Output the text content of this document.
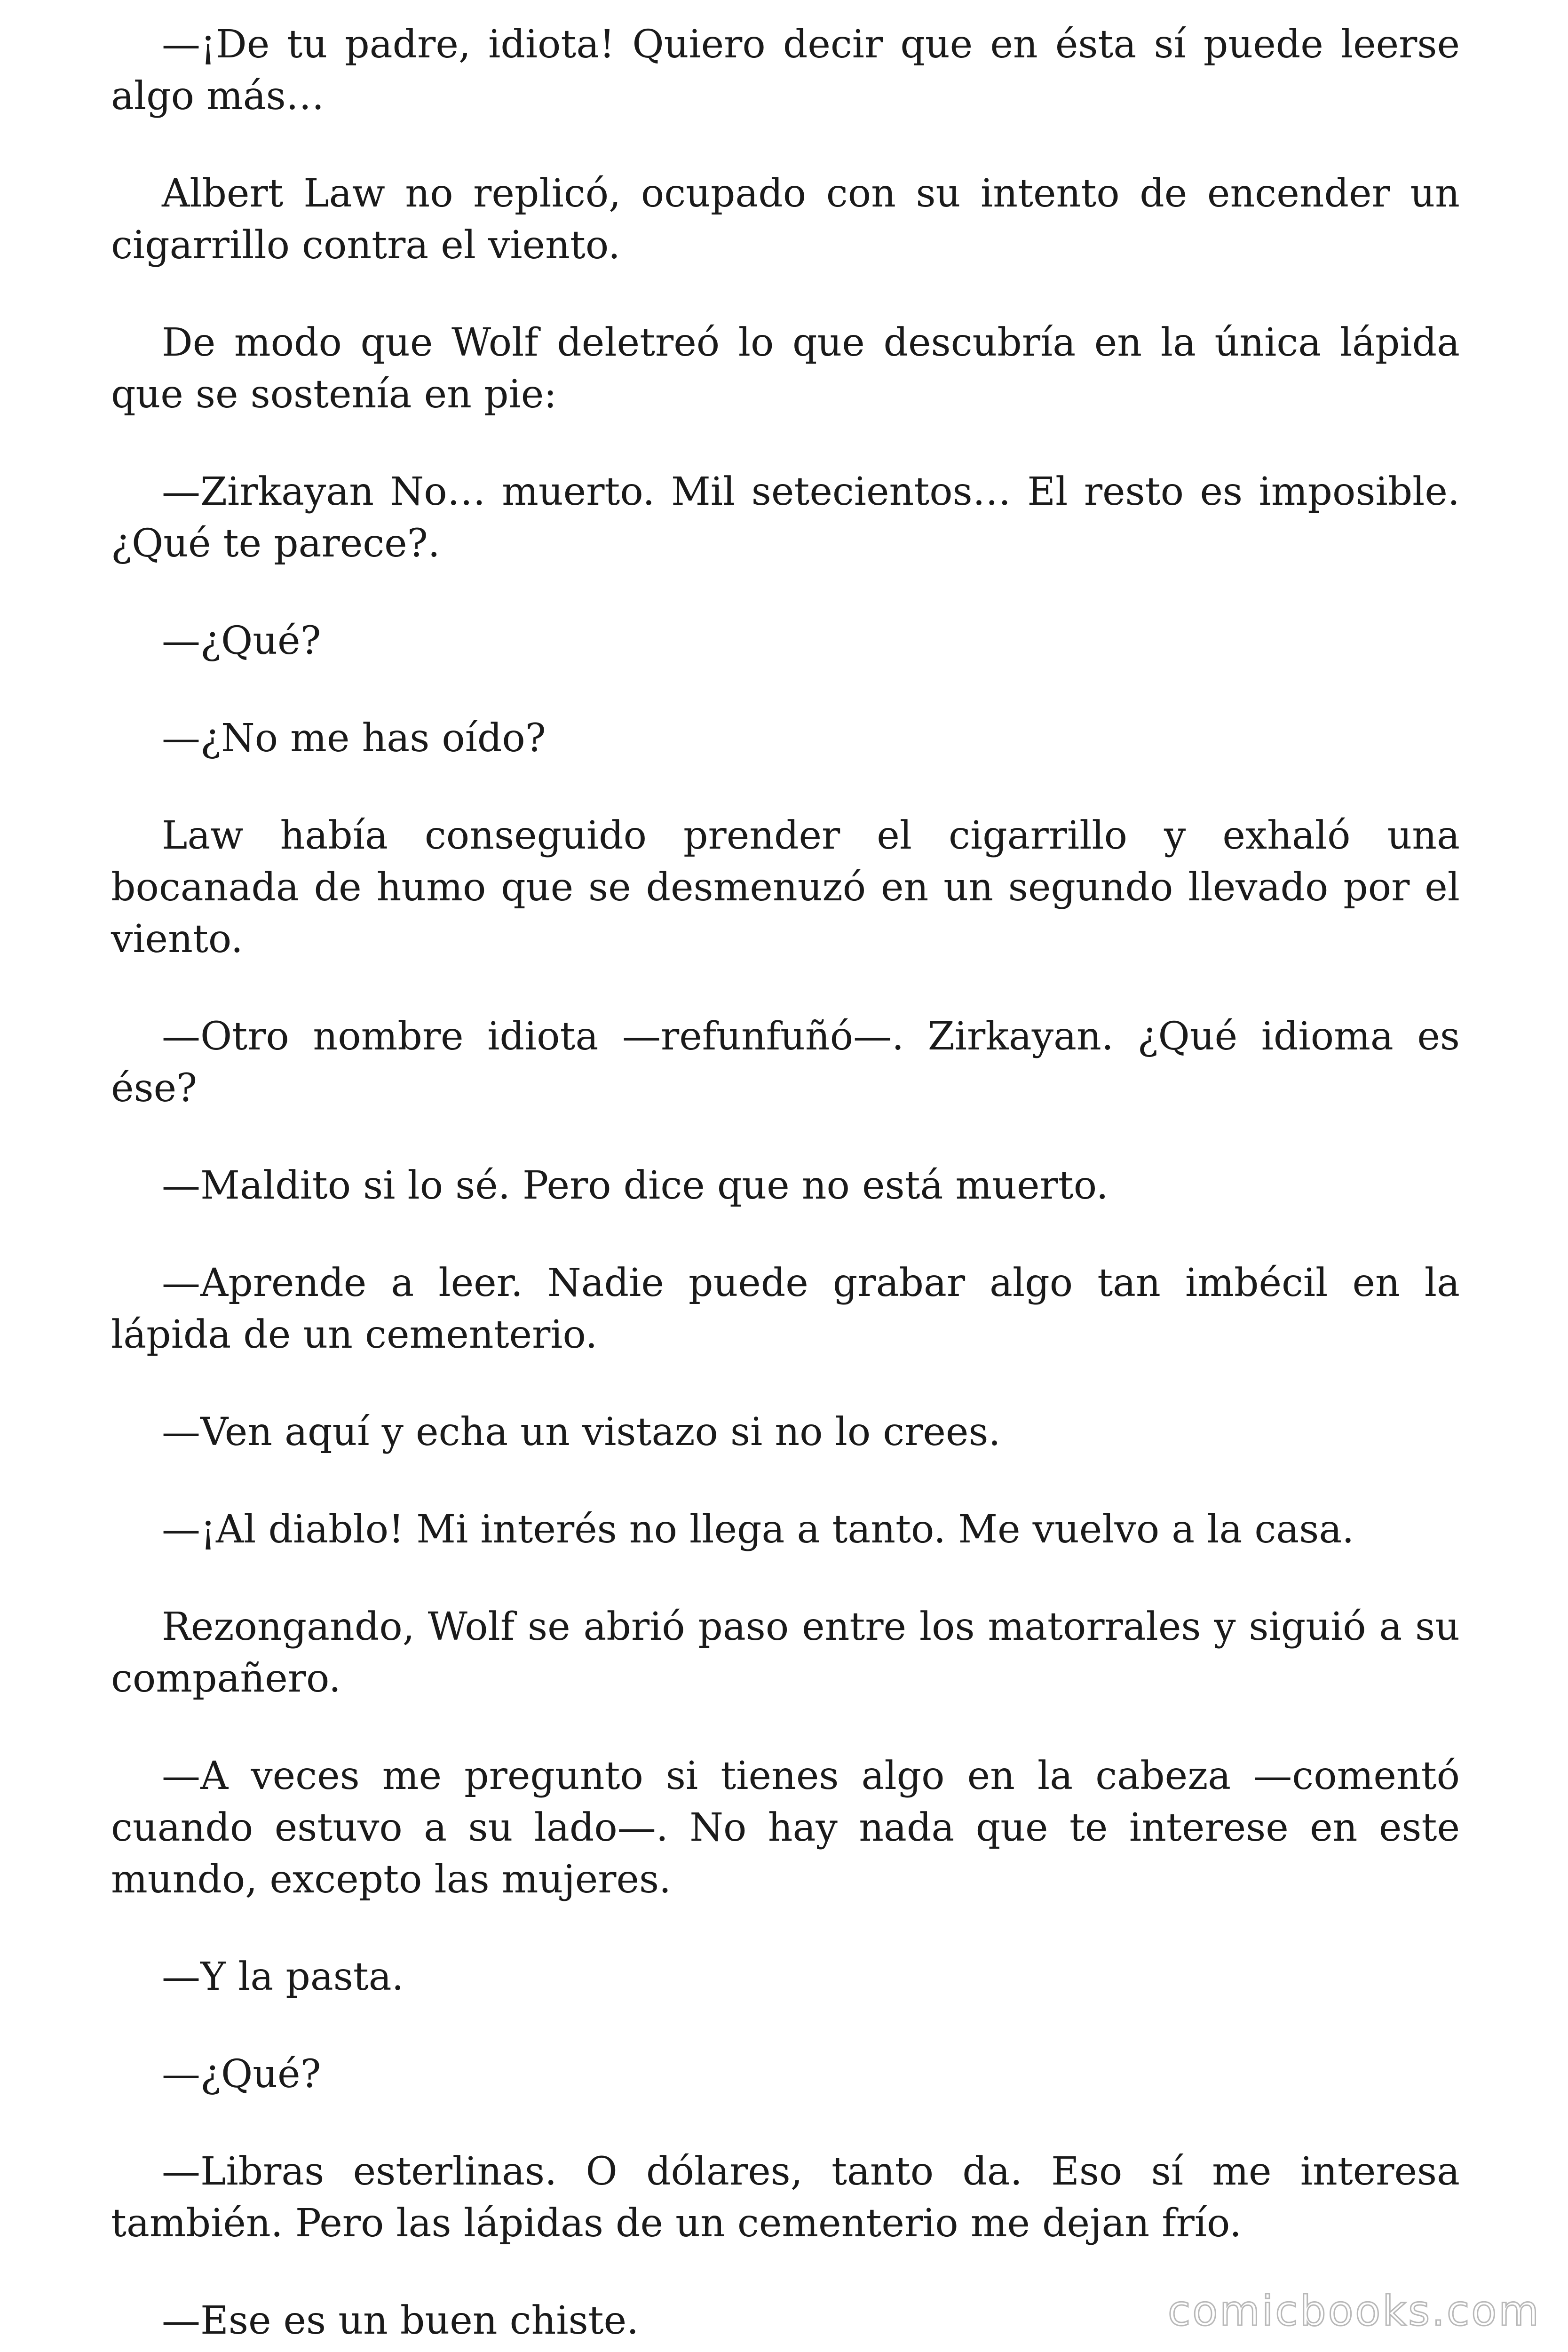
—¡De tu padre, idiota! Quiero decir que en ésta sí puede leerse algo más…

Albert Law no replicó, ocupado con su intento de encender un cigarrillo contra el viento.

De modo que Wolf deletreó lo que descubría en la única lápida que se sostenía en pie:

—Zirkayan No… muerto. Mil setecientos… El resto es imposible. ¿Qué te parece?.

—¿Qué?

—¿No me has oído?

Law había conseguido prender el cigarrillo y exhaló una bocanada de humo que se desmenuzó en un segundo llevado por el viento.

—Otro nombre idiota —refunfuñó—. Zirkayan. ¿Qué idioma es ése?

—Maldito si lo sé. Pero dice que no está muerto.

—Aprende a leer. Nadie puede grabar algo tan imbécil en la lápida de un cementerio.

—Ven aquí y echa un vistazo si no lo crees.

—¡Al diablo! Mi interés no llega a tanto. Me vuelvo a la casa.

Rezongando, Wolf se abrió paso entre los matorrales y siguió a su compañero.

—A veces me pregunto si tienes algo en la cabeza —comentó cuando estuvo a su lado—. No hay nada que te interese en este mundo, excepto las mujeres.

—Y la pasta.

—¿Qué?

—Libras esterlinas. O dólares, tanto da. Eso sí me interesa también. Pero las lápidas de un cementerio me dejan frío.

—Ese es un buen chiste.	comicbooks.com
